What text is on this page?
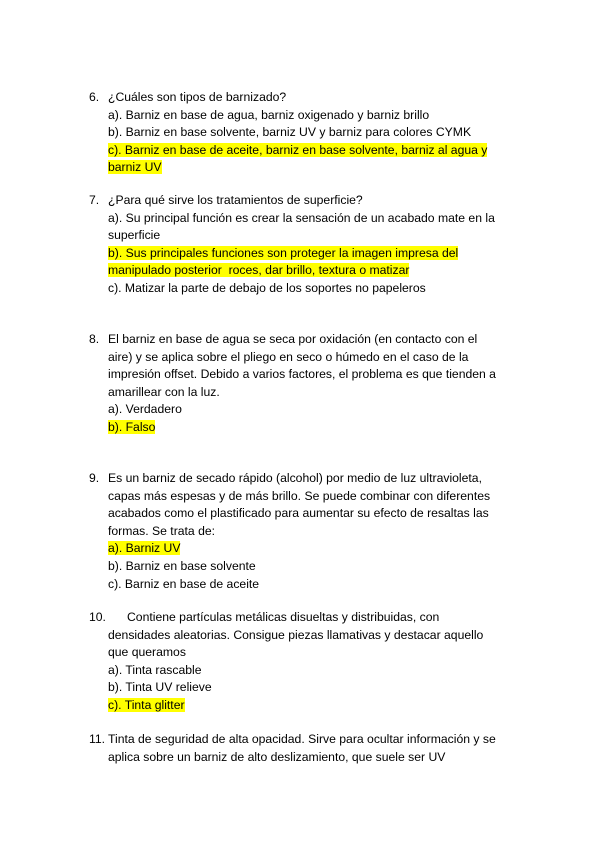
6. ¿Cuáles son tipos de barnizado?
a). Barniz en base de agua, barniz oxigenado y barniz brillo
b). Barniz en base solvente, barniz UV y barniz para colores CYMK
c). Barniz en base de aceite, barniz en base solvente, barniz al agua y
barniz UV
7. ¿Para qué sirve los tratamientos de superficie?
a). Su principal función es crear la sensación de un acabado mate en la
superficie
b). Sus principales funciones son proteger la imagen impresa del
manipulado posterior  roces, dar brillo, textura o matizar
c). Matizar la parte de debajo de los soportes no papeleros
8. El barniz en base de agua se seca por oxidación (en contacto con el
aire) y se aplica sobre el pliego en seco o húmedo en el caso de la
impresión offset. Debido a varios factores, el problema es que tienden a
amarillear con la luz.
a). Verdadero
b). Falso
9. Es un barniz de secado rápido (alcohol) por medio de luz ultravioleta,
capas más espesas y de más brillo. Se puede combinar con diferentes
acabados como el plastificado para aumentar su efecto de resaltas las
formas. Se trata de:
a). Barniz UV
b). Barniz en base solvente
c). Barniz en base de aceite
10.	Contiene partículas metálicas disueltas y distribuidas, con
densidades aleatorias. Consigue piezas llamativas y destacar aquello
que queramos
a). Tinta rascable
b). Tinta UV relieve
c). Tinta glitter
11. Tinta de seguridad de alta opacidad. Sirve para ocultar información y se
aplica sobre un barniz de alto deslizamiento, que suele ser UV
